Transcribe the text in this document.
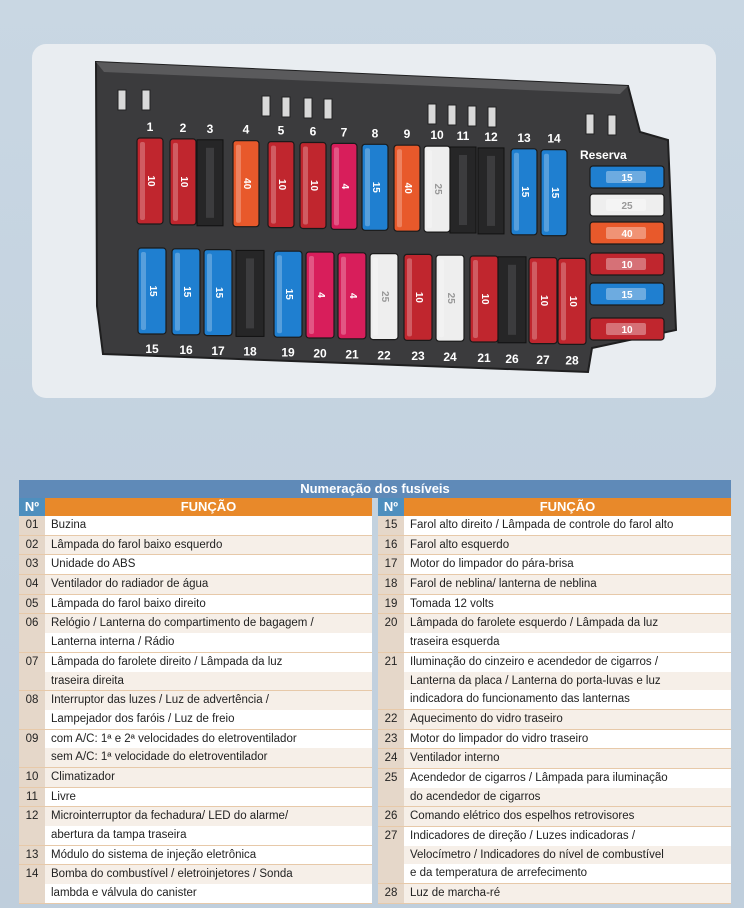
10 10	40 10 10 4 15 40 25	15 15
15 15 15	15 4 4 25 10 25 10	10 10
15
25
40
10
15
10
1 2 3 4 5 6 7 8 9 10 11 12 13 14
15 16 17 18 19 20 21 22 23 24 21 26 27 28
Reserva
Numeração dos fusíveis
Nº	FUNÇÃO
01	Buzina
02	Lâmpada do farol baixo esquerdo
03	Unidade do ABS
04	Ventilador do radiador de água
05	Lâmpada do farol baixo direito
06	Relógio / Lanterna do compartimento de bagagem /
Lanterna interna / Rádio
07	Lâmpada do farolete direito / Lâmpada da luz
traseira direita
08	Interruptor das luzes / Luz de advertência /
Lampejador dos faróis / Luz de freio
09	com A/C: 1ª e 2ª velocidades do eletroventilador
sem A/C: 1ª velocidade do eletroventilador
10	Climatizador
11	Livre
12	Microinterruptor da fechadura/ LED do alarme/
abertura da tampa traseira
13	Módulo do sistema de injeção eletrônica
14	Bomba do combustível / eletroinjetores / Sonda
lambda e válvula do canister
Nº	FUNÇÃO
15	Farol alto direito / Lâmpada de controle do farol alto
16	Farol alto esquerdo
17	Motor do limpador do pára-brisa
18	Farol de neblina/ lanterna de neblina
19	Tomada 12 volts
20	Lâmpada do farolete esquerdo / Lâmpada da luz
traseira esquerda
21	Iluminação do cinzeiro e acendedor de cigarros /
Lanterna da placa / Lanterna do porta-luvas e luz
indicadora do funcionamento das lanternas
22	Aquecimento do vidro traseiro
23	Motor do limpador do vidro traseiro
24	Ventilador interno
25	Acendedor de cigarros / Lâmpada para iluminação
do acendedor de cigarros
26	Comando elétrico dos espelhos retrovisores
27	Indicadores de direção / Luzes indicadoras /
Velocímetro / Indicadores do nível de combustível
e da temperatura de arrefecimento
28	Luz de marcha-ré
